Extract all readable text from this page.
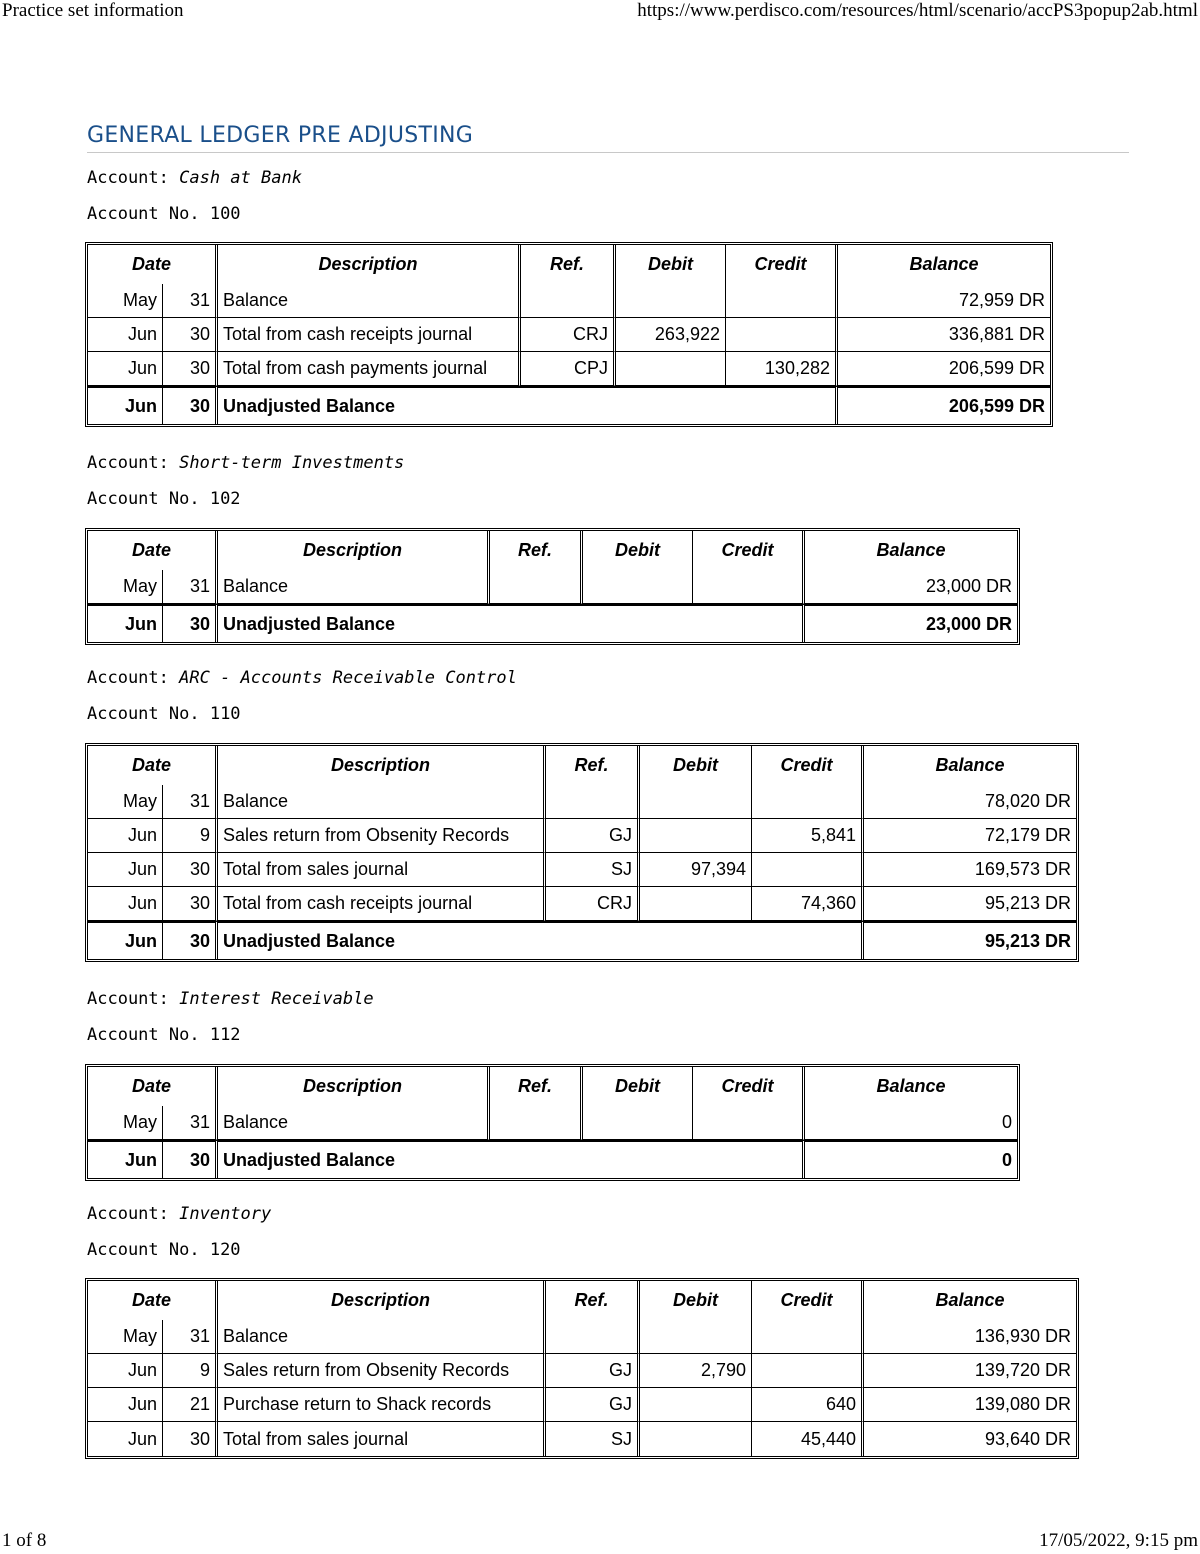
Practice set information	https://www.perdisco.com/resources/html/scenario/accPS3popup2ab.html
GENERAL LEDGER PRE ADJUSTING
Account: Cash at Bank
Account No. 100
Date		Description	Ref.	Debit	Credit	Balance
May	31	Balance				72,959 DR
Jun	30	Total from cash receipts journal	CRJ	263,922		336,881 DR
Jun	30	Total from cash payments journal	CPJ		130,282	206,599 DR
Jun	30	Unadjusted Balance				206,599 DR
Account: Short-term Investments
Account No. 102
Date		Description	Ref.	Debit	Credit	Balance
May	31	Balance				23,000 DR
Jun	30	Unadjusted Balance				23,000 DR
Account: ARC - Accounts Receivable Control
Account No. 110
Date		Description	Ref.	Debit	Credit	Balance
May	31	Balance				78,020 DR
Jun	9	Sales return from Obsenity Records	GJ		5,841	72,179 DR
Jun	30	Total from sales journal	SJ	97,394		169,573 DR
Jun	30	Total from cash receipts journal	CRJ		74,360	95,213 DR
Jun	30	Unadjusted Balance				95,213 DR
Account: Interest Receivable
Account No. 112
Date		Description	Ref.	Debit	Credit	Balance
May	31	Balance				0
Jun	30	Unadjusted Balance				0
Account: Inventory
Account No. 120
Date		Description	Ref.	Debit	Credit	Balance
May	31	Balance				136,930 DR
Jun	9	Sales return from Obsenity Records	GJ	2,790		139,720 DR
Jun	21	Purchase return to Shack records	GJ		640	139,080 DR
Jun	30	Total from sales journal	SJ		45,440	93,640 DR
1 of 8	17/05/2022, 9:15 pm
